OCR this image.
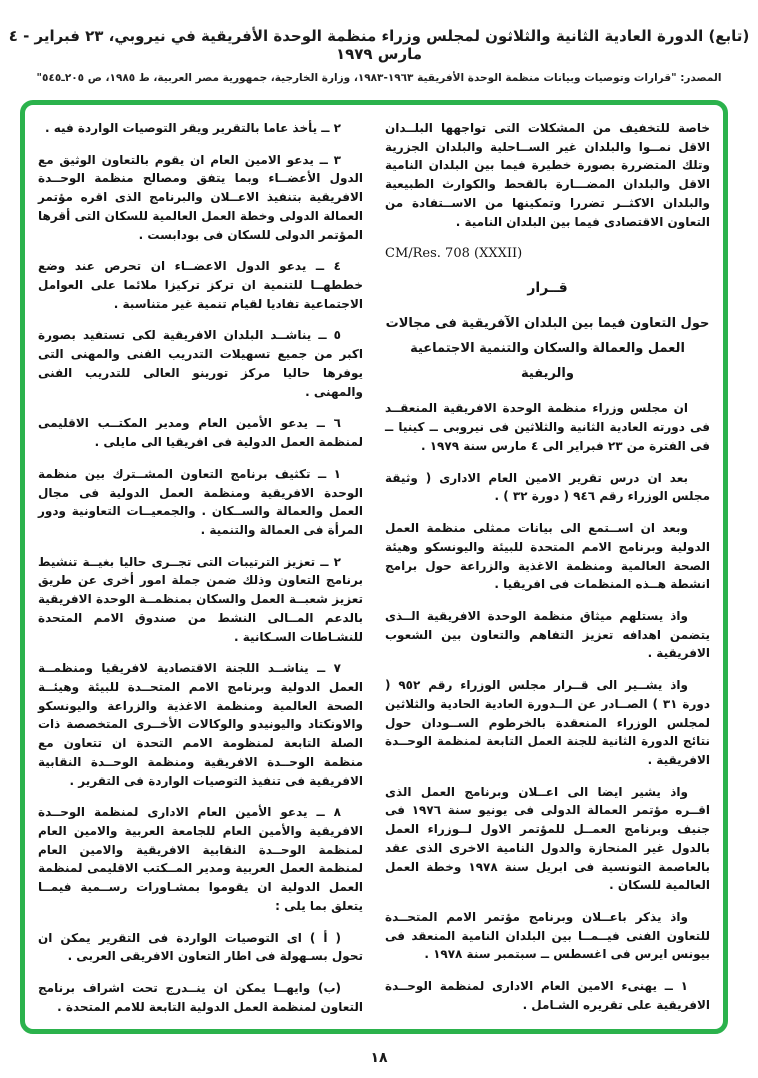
(تابع) الدورة العادية الثانية والثلاثون لمجلس وزراء منظمة الوحدة الأفريقية في نيروبي، ٢٣ فبراير - ٤ مارس ١٩٧٩
المصدر: "قرارات وتوصيات وبيانات منظمة الوحدة الأفريقية ١٩٦٣-١٩٨٣، وزارة الخارجية، جمهورية مصر العربية، ط ١٩٨٥، ص ٢٠٥ـ٥٤٥"

خاصة للتخفيف من المشكلات التى تواجهها البلــدان الاقل نمــوا والبلدان غير الســاحلية والبلدان الجزرية وتلك المتضررة بصورة خطيرة فيما بين البلدان النامية الاقل والبلدان المضـــارة بالقحط والكوارث الطبيعية والبلدان الاكثــر تضررا وتمكينها من الاســتفادة من التعاون الاقتصادى فيما بين البلدان النامية .

CM/Res. 708 (XXXII)

قــرار

حول التعاون فيما بين البلدان الآفريقية فى مجالات العمل والعمالة والسكان والتنمية الاجتماعية والريفية

ان مجلس وزراء منظمة الوحدة الافريقية المنعقــد فى دورته العادية الثانية والثلاثين فى نيروبى ــ كينيا ــ فى الفترة من ٢٣ فبراير الى ٤ مارس سنة ١٩٧٩ .

بعد ان درس تقرير الامين العام الادارى ( وثيقة مجلس الوزراء رقم ٩٤٦ ( دورة ٣٢ ) .

وبعد ان اســتمع الى بيانات ممثلى منظمة العمل الدولية وبرنامج الامم المتحدة للبيئة واليونسكو وهيئة الصحة العالمية ومنظمة الاغذية والزراعة حول برامج انشطة هــذه المنظمات فى افريقيا .

واذ يستلهم ميثاق منظمة الوحدة الافريقية الــذى يتضمن اهدافه تعزيز التفاهم والتعاون بين الشعوب الافريقية .

واذ يشــير الى قــرار مجلس الوزراء رقم ٩٥٢ ( دورة ٣١ ) الصــادر عن الــدورة العادية الحادية والثلاثين لمجلس الوزراء المنعقدة بالخرطوم الســودان حول نتائج الدورة الثانية للجنة العمل التابعة لمنظمة الوحــدة الافريقية .

واذ يشير ايضا الى اعــلان وبرنامج العمل الذى اقــره مؤتمر العمالة الدولى فى يونيو سنة ١٩٧٦ فى جنيف وبرنامج العمــل للمؤتمر الاول لــوزراء العمل بالدول غير المنحازة والدول النامية الاخرى الذى عقد بالعاصمة التونسية فى ابريل سنة ١٩٧٨ وخطة العمل العالمية للسكان .

واذ يذكر باعــلان وبرنامج مؤتمر الامم المتحــدة للتعاون الفنى فيــمــا بين البلدان النامية المنعقد فى بيونس ايرس فى اغسطس ــ سبتمبر سنة ١٩٧٨ .

١ ــ يهنىء الامين العام الادارى لمنظمة الوحــدة الافريقية على تقريره الشـامل .

٢ ــ يأخذ عاما بالتقرير ويقر التوصيات الواردة فيه .

٣ ــ يدعو الامين العام ان يقوم بالتعاون الوثيق مع الدول الأعضــاء وبما يتفق ومصالح منظمة الوحــدة الافريقية بتنفيذ الاعــلان والبرنامج الذى اقره مؤتمر العمالة الدولى وخطة العمل العالمية للسكان التى أقرها المؤتمر الدولى للسكان فى بودابست .

٤ ــ يدعو الدول الاعضــاء ان تحرص عند وضع خططهــا للتنمية ان تركز تركيزا ملائما على العوامل الاجتماعية تفاديا لقيام تنمية غير متناسبة .

٥ ــ يناشــد البلدان الافريقية لكى تستفيد بصورة اكبر من جميع تسهيلات التدريب الفنى والمهنى التى يوفرها حاليا مركز تورينو العالى للتدريب الفنى والمهنى .

٦ ــ يدعو الأمين العام ومدير المكتــب الاقليمى لمنظمة العمل الدولية فى افريقيا الى مايلى .

١ ــ تكثيف برنامج التعاون المشــترك بين منظمة الوحدة الافريقية ومنظمة العمل الدولية فى مجال العمل والعمالة والســكان . والجمعيــات التعاونية ودور المرأة فى العمالة والتنمية .

٢ ــ تعزيز الترتيبات التى تجــرى حاليا بغيــة تنشيط برنامج التعاون وذلك ضمن جملة امور أخرى عن طريق تعزيز شعبــة العمل والسكان بمنظمــة الوحدة الافريقية بالدعم المــالى النشط من صندوق الامم المتحدة للنشـاطات السـكانية .

٧ ــ يناشــد اللجنة الاقتصادية لافريقيا ومنظمــة العمل الدولية وبرنامج الامم المتحــدة للبيئة وهيئــة الصحة العالمية ومنظمة الاغذية والزراعة واليونسكو والاونكتاد واليونيدو والوكالات الأخــرى المتخصصة ذات الصلة التابعة لمنظومة الامم التحدة ان تتعاون مع منظمة الوحــدة الافريقية ومنظمة الوحــدة النقابية الافريقية فى تنفيذ التوصيات الواردة فى التقرير .

٨ ــ يدعو الأمين العام الادارى لمنظمة الوحــدة الافريقية والأمين العام للجامعة العربية والامين العام لمنظمة الوحــدة النقابية الافريقية والامين العام لمنظمة العمل العربية ومدير المــكتب الاقليمى لمنظمة العمل الدولية ان يقوموا بمشـاورات رســمية فيمــا يتعلق بما يلى :

( أ ) اى التوصيات الواردة فى التقرير يمكن ان تحول بسـهولة فى اطار التعاون الافريقى العربى .

(ب) وايهــا يمكن ان ينــدرج تحت اشراف برنامج التعاون لمنظمة العمل الدولية التابعة للامم المتحدة .

١٨
